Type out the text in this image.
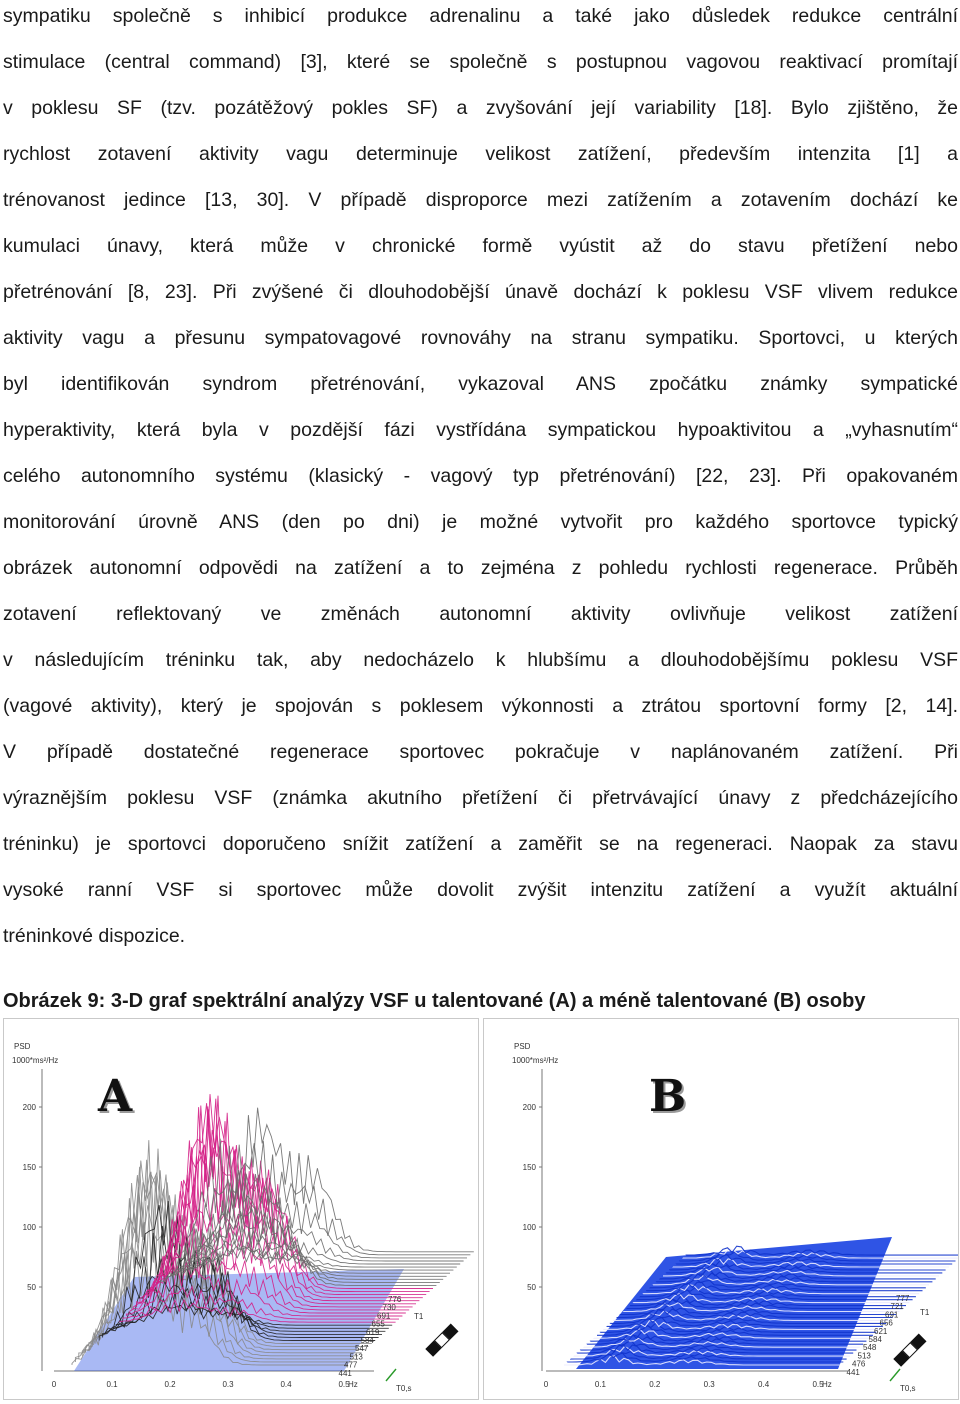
sympatiku společně s inhibicí produkce adrenalinu a také jako důsledek redukce centrální
stimulace (central command) [3], které se společně s postupnou vagovou reaktivací promítají
v poklesu SF (tzv. pozátěžový pokles SF) a zvyšování její variability [18]. Bylo zjištěno, že
rychlost zotavení aktivity vagu determinuje velikost zatížení, především intenzita [1] a
trénovanost jedince [13, 30]. V případě disproporce mezi zatížením a zotavením dochází ke
kumulaci únavy, která může v chronické formě vyústit až do stavu přetížení nebo
přetrénování [8, 23]. Při zvýšené či dlouhodobější únavě dochází k poklesu VSF vlivem redukce
aktivity vagu a přesunu sympatovagové rovnováhy na stranu sympatiku. Sportovci, u kterých
byl identifikován syndrom přetrénování, vykazoval ANS zpočátku známky sympatické
hyperaktivity, která byla v pozdější fázi vystřídána sympatickou hypoaktivitou a „vyhasnutím“
celého autonomního systému (klasický - vagový typ přetrénování) [22, 23]. Při opakovaném
monitorování úrovně ANS (den po dni) je možné vytvořit pro každého sportovce typický
obrázek autonomní odpovědi na zatížení a to zejména z pohledu rychlosti regenerace. Průběh
zotavení reflektovaný ve změnách autonomní aktivity ovlivňuje velikost zatížení
v následujícím tréninku tak, aby nedocházelo k hlubšímu a dlouhodobějšímu poklesu VSF
(vagové aktivity), který je spojován s poklesem výkonnosti a ztrátou sportovní formy [2, 14].
V případě dostatečné regenerace sportovec pokračuje v naplánovaném zatížení. Při
výraznějším poklesu VSF (známka akutního přetížení či přetrvávající únavy z předcházejícího
tréninku) je sportovci doporučeno snížit zatížení a zaměřit se na regeneraci. Naopak za stavu
vysoké ranní VSF si sportovec může dovolit zvýšit intenzitu zatížení a využít aktuální
tréninkové dispozice.
Obrázek 9: 3-D graf spektrální analýzy VSF u talentované (A) a méně talentované (B) osoby
PSD
1000*ms²/Hz
200
150
100
50
0	0.1	0.2	0.3	0.4	0.5
Hz
776
730
691
655
619
584
547
513
477
441
T1
T0,s
A
PSD
1000*ms²/Hz
200
150
100
50
0	0.1	0.2	0.3	0.4	0.5
Hz
777
721
691
656
621
584
548
513
476
441
T1
T0,s
B
